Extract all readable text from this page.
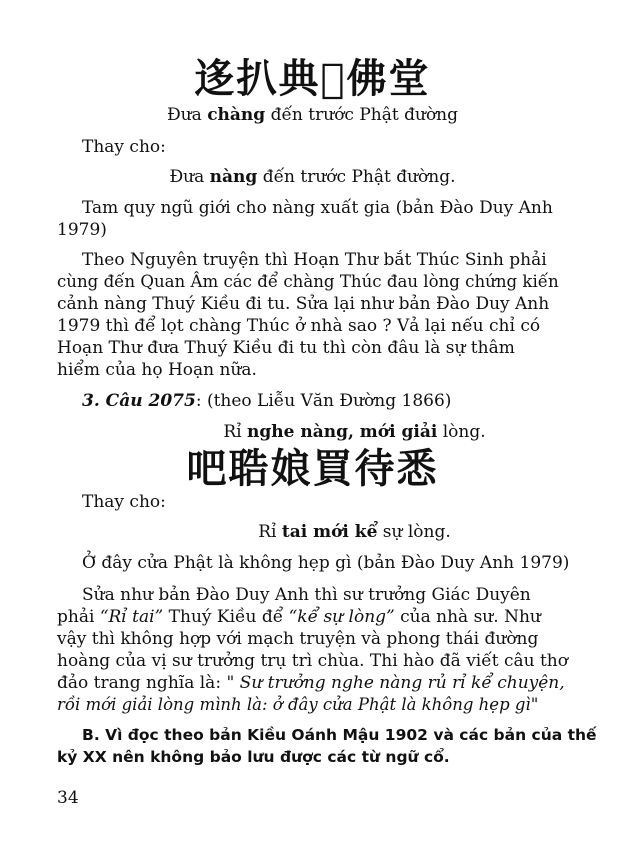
迻扒典𦗏佛堂
Đưa chàng đến trước Phật đường
Thay cho:
Đưa nàng đến trước Phật đường.
Tam quy ngũ giới cho nàng xuất gia (bản Đào Duy Anh
1979)
Theo Nguyên truyện thì Hoạn Thư bắt Thúc Sinh phải
cùng đến Quan Âm các để chàng Thúc đau lòng chứng kiến
cảnh nàng Thuý Kiều đi tu. Sửa lại như bản Đào Duy Anh
1979 thì để lọt chàng Thúc ở nhà sao ? Vả lại nếu chỉ có
Hoạn Thư đưa Thuý Kiều đi tu thì còn đâu là sự thâm
hiểm của họ Hoạn nữa.
3. Câu 2075: (theo Liễu Văn Đường 1866)
Rỉ nghe nàng, mới giải lòng.
吧聕娘買待悉
Thay cho:
Rỉ tai mới kể sự lòng.
Ở đây cửa Phật là không hẹp gì (bản Đào Duy Anh 1979)
Sửa như bản Đào Duy Anh thì sư trưởng Giác Duyên
phải “Rỉ tai” Thuý Kiều để “kể sự lòng” của nhà sư. Như
vậy thì không hợp với mạch truyện và phong thái đường
hoàng của vị sư trưởng trụ trì chùa. Thi hào đã viết câu thơ
đảo trang nghĩa là: " Sư trưởng nghe nàng rủ rỉ kể chuyện,
rồi mới giải lòng mình là: ở đây cửa Phật là không hẹp gì"
B. Vì đọc theo bản Kiều Oánh Mậu 1902 và các bản của thế
kỷ XX nên không bảo lưu được các từ ngữ cổ.
34
